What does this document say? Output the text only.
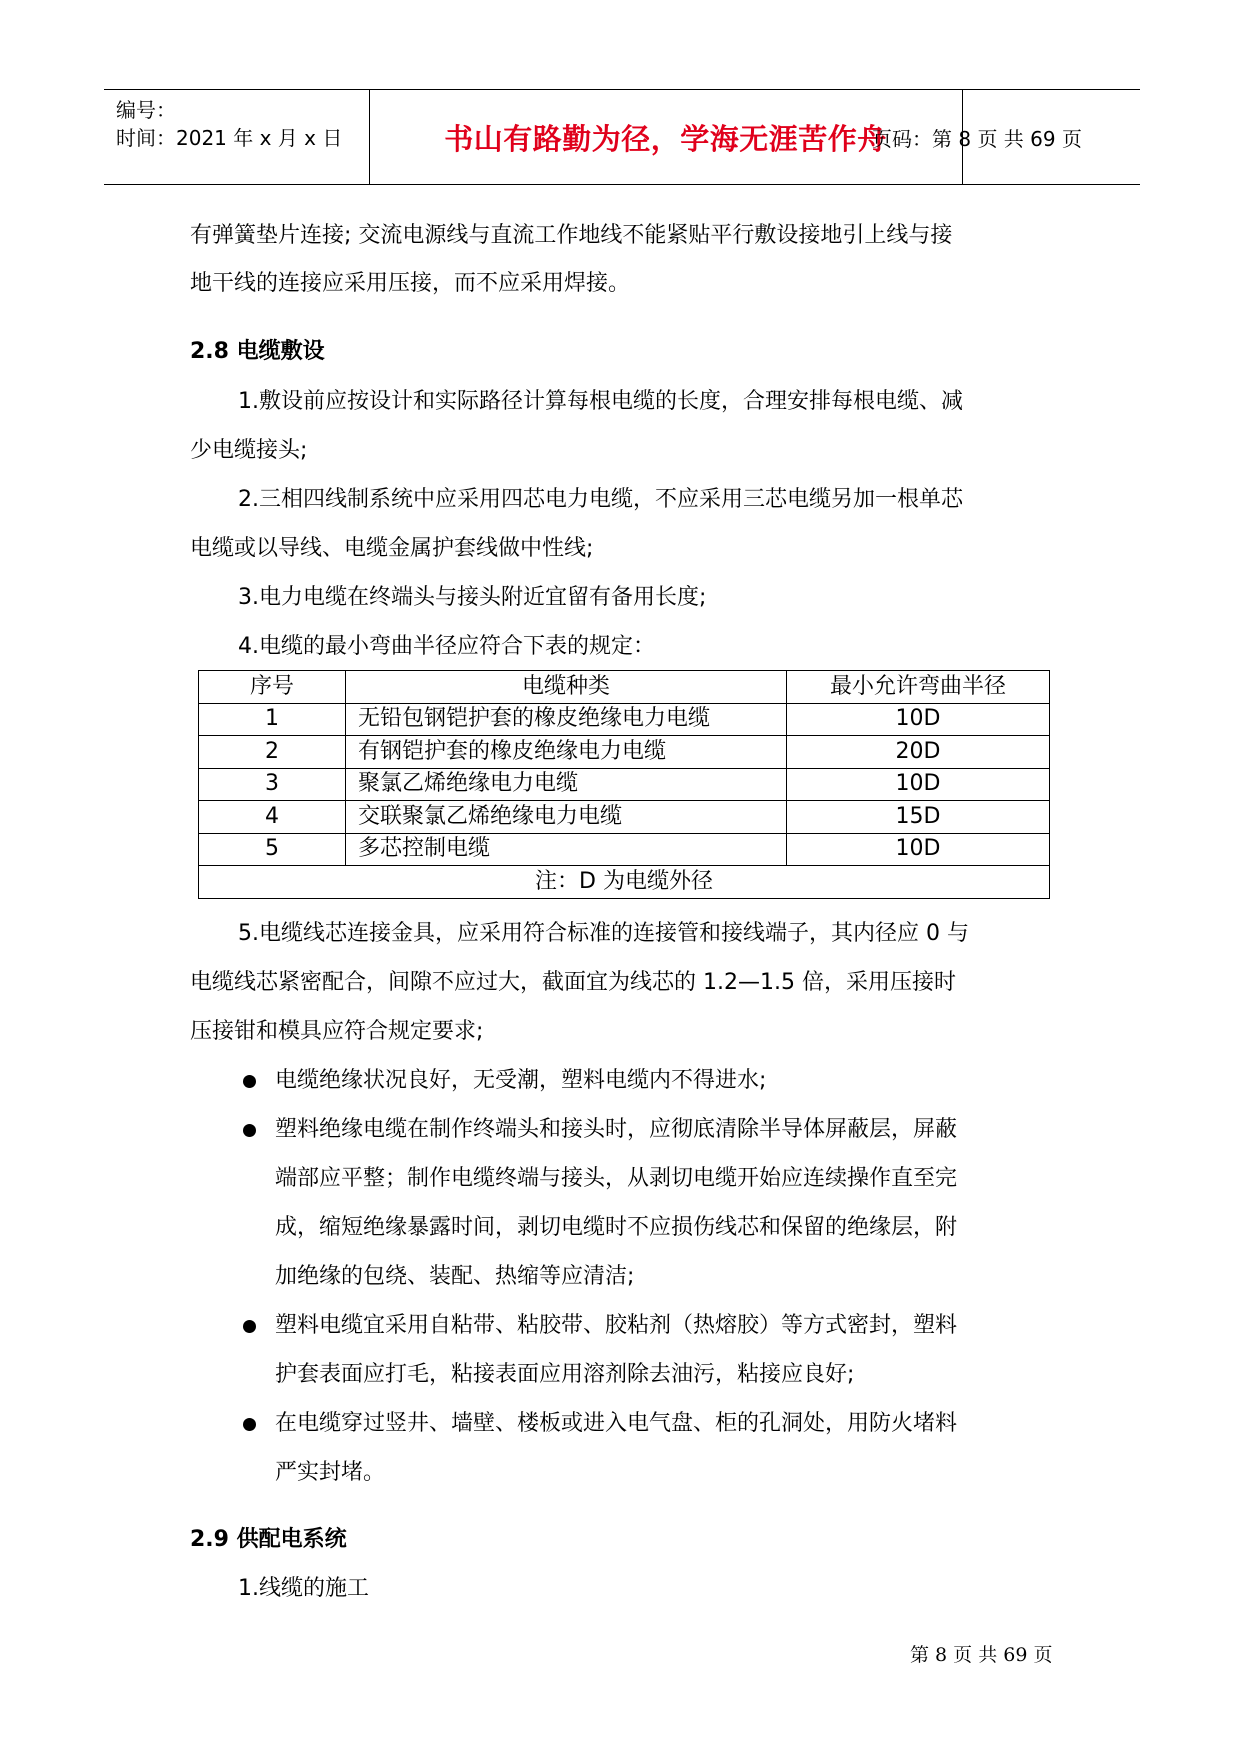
编号：
时间：2021 年 x 月 x 日	书山有路勤为径，学海无涯苦作舟
页码：第 8 页 共 69 页
有弹簧垫片连接; 交流电源线与直流工作地线不能紧贴平行敷设接地引上线与接
地干线的连接应采用压接，而不应采用焊接。
2.8 电缆敷设
1.敷设前应按设计和实际路径计算每根电缆的长度，合理安排每根电缆、减
少电缆接头;
2.三相四线制系统中应采用四芯电力电缆，不应采用三芯电缆另加一根单芯
电缆或以导线、电缆金属护套线做中性线;
3.电力电缆在终端头与接头附近宜留有备用长度;
4.电缆的最小弯曲半径应符合下表的规定：
序号	电缆种类	最小允许弯曲半径
1	无铅包钢铠护套的橡皮绝缘电力电缆	10D
2	有钢铠护套的橡皮绝缘电力电缆	20D
3	聚氯乙烯绝缘电力电缆	10D
4	交联聚氯乙烯绝缘电力电缆	15D
5	多芯控制电缆	10D
注：D 为电缆外径		
5.电缆线芯连接金具，应采用符合标准的连接管和接线端子，其内径应 0 与
电缆线芯紧密配合，间隙不应过大，截面宜为线芯的 1.2—1.5 倍，采用压接时
压接钳和模具应符合规定要求;
电缆绝缘状况良好，无受潮，塑料电缆内不得进水;
塑料绝缘电缆在制作终端头和接头时，应彻底清除半导体屏蔽层，屏蔽
端部应平整；制作电缆终端与接头，从剥切电缆开始应连续操作直至完
成，缩短绝缘暴露时间，剥切电缆时不应损伤线芯和保留的绝缘层，附
加绝缘的包绕、装配、热缩等应清洁;
塑料电缆宜采用自粘带、粘胶带、胶粘剂（热熔胶）等方式密封，塑料
护套表面应打毛，粘接表面应用溶剂除去油污，粘接应良好;
在电缆穿过竖井、墙壁、楼板或进入电气盘、柜的孔洞处，用防火堵料
严实封堵。
2.9 供配电系统
1.线缆的施工
第 8 页 共 69 页
